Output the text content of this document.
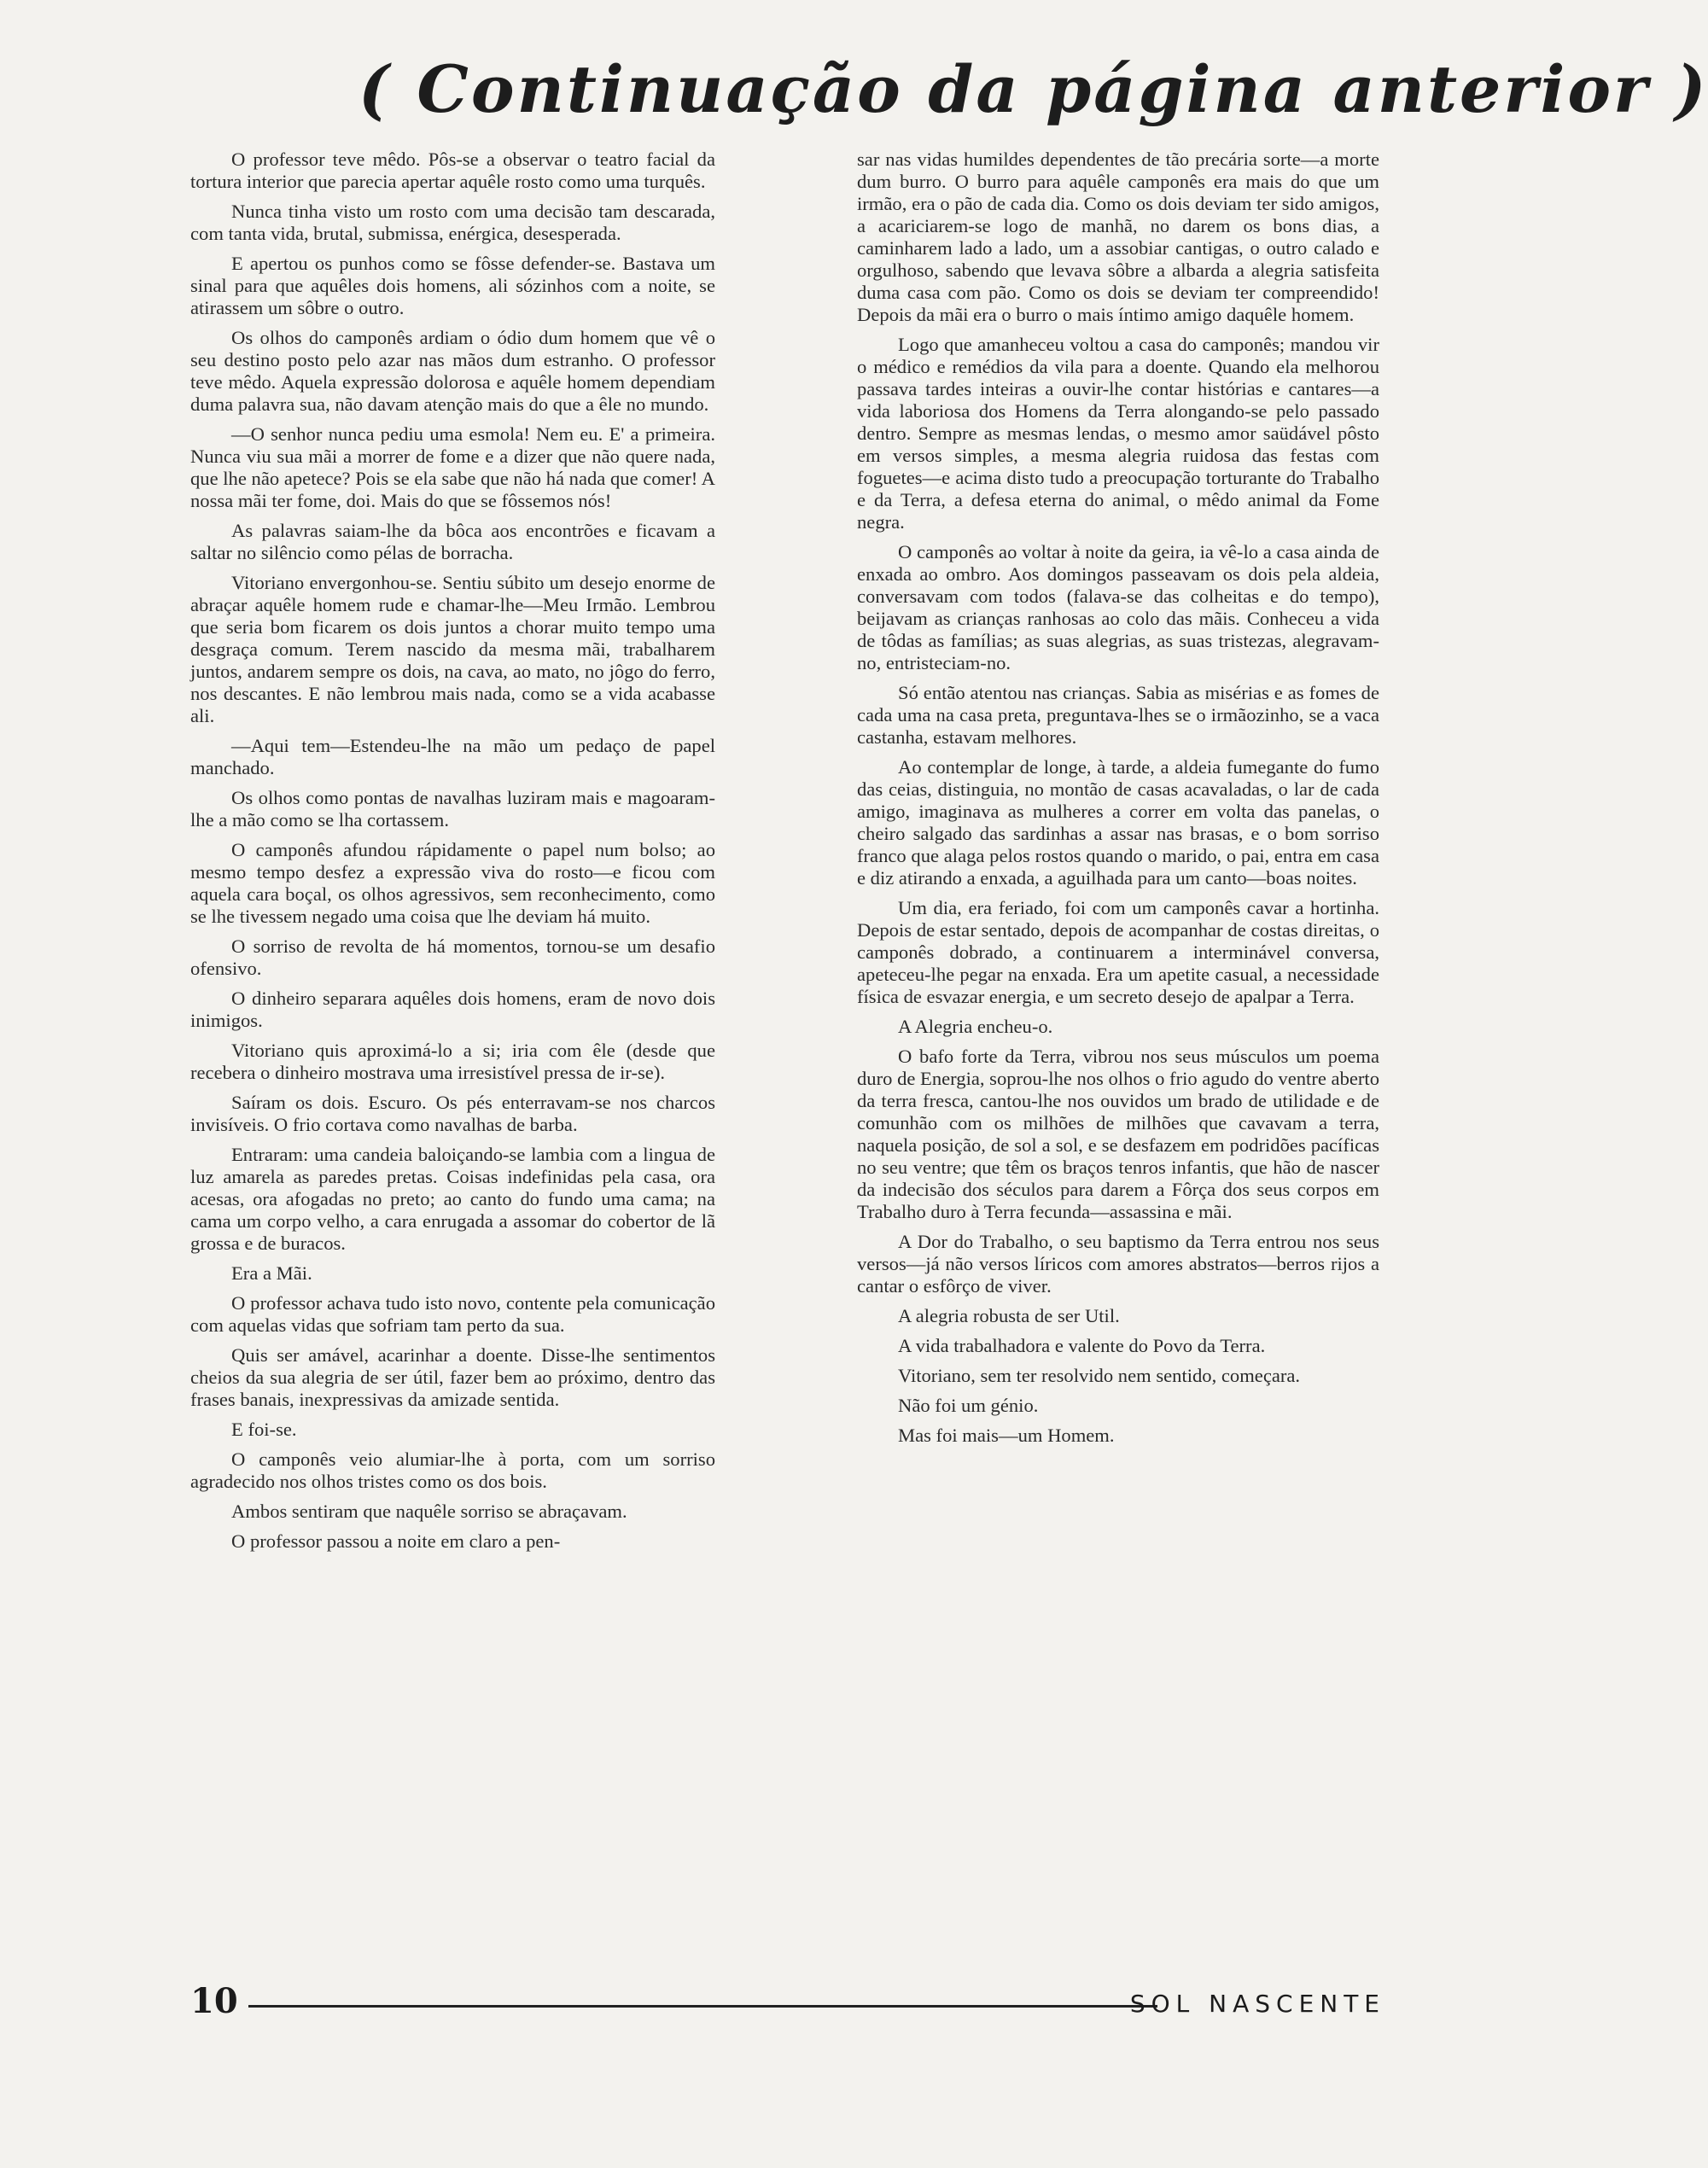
( Continuação da página anterior )

O professor teve mêdo. Pôs-se a observar o teatro facial da tortura interior que parecia apertar aquêle rosto como uma turquês.

Nunca tinha visto um rosto com uma decisão tam descarada, com tanta vida, brutal, submissa, enérgica, desesperada.

E apertou os punhos como se fôsse defender-se. Bastava um sinal para que aquêles dois homens, ali sózinhos com a noite, se atirassem um sôbre o outro.

Os olhos do camponês ardiam o ódio dum homem que vê o seu destino posto pelo azar nas mãos dum estranho. O professor teve mêdo. Aquela expressão dolorosa e aquêle homem dependiam duma palavra sua, não davam atenção mais do que a êle no mundo.

—O senhor nunca pediu uma esmola! Nem eu. E' a primeira. Nunca viu sua mãi a morrer de fome e a dizer que não quere nada, que lhe não apetece? Pois se ela sabe que não há nada que comer! A nossa mãi ter fome, doi. Mais do que se fôssemos nós!

As palavras saiam-lhe da bôca aos encontrões e ficavam a saltar no silêncio como pélas de borracha.

Vitoriano envergonhou-se. Sentiu súbito um desejo enorme de abraçar aquêle homem rude e chamar-lhe—Meu Irmão. Lembrou que seria bom ficarem os dois juntos a chorar muito tempo uma desgraça comum. Terem nascido da mesma mãi, trabalharem juntos, andarem sempre os dois, na cava, ao mato, no jôgo do ferro, nos descantes. E não lembrou mais nada, como se a vida acabasse ali.

—Aqui tem—Estendeu-lhe na mão um pedaço de papel manchado.

Os olhos como pontas de navalhas luziram mais e magoaram-lhe a mão como se lha cortassem.

O camponês afundou rápidamente o papel num bolso; ao mesmo tempo desfez a expressão viva do rosto—e ficou com aquela cara boçal, os olhos agressivos, sem reconhecimento, como se lhe tivessem negado uma coisa que lhe deviam há muito.

O sorriso de revolta de há momentos, tornou-se um desafio ofensivo.

O dinheiro separara aquêles dois homens, eram de novo dois inimigos.

Vitoriano quis aproximá-lo a si; iria com êle (desde que recebera o dinheiro mostrava uma irresistível pressa de ir-se).

Saíram os dois. Escuro. Os pés enterravam-se nos charcos invisíveis. O frio cortava como navalhas de barba.

Entraram: uma candeia baloiçando-se lambia com a lingua de luz amarela as paredes pretas. Coisas indefinidas pela casa, ora acesas, ora afogadas no preto; ao canto do fundo uma cama; na cama um corpo velho, a cara enrugada a assomar do cobertor de lã grossa e de buracos.

Era a Mãi.

O professor achava tudo isto novo, contente pela comunicação com aquelas vidas que sofriam tam perto da sua.

Quis ser amável, acarinhar a doente. Disse-lhe sentimentos cheios da sua alegria de ser útil, fazer bem ao próximo, dentro das frases banais, inexpressivas da amizade sentida.

E foi-se.

O camponês veio alumiar-lhe à porta, com um sorriso agradecido nos olhos tristes como os dos bois.

Ambos sentiram que naquêle sorriso se abraçavam.

O professor passou a noite em claro a pen-

sar nas vidas humildes dependentes de tão precária sorte—a morte dum burro. O burro para aquêle camponês era mais do que um irmão, era o pão de cada dia. Como os dois deviam ter sido amigos, a acariciarem-se logo de manhã, no darem os bons dias, a caminharem lado a lado, um a assobiar cantigas, o outro calado e orgulhoso, sabendo que levava sôbre a albarda a alegria satisfeita duma casa com pão. Como os dois se deviam ter compreendido! Depois da mãi era o burro o mais íntimo amigo daquêle homem.

Logo que amanheceu voltou a casa do camponês; mandou vir o médico e remédios da vila para a doente. Quando ela melhorou passava tardes inteiras a ouvir-lhe contar histórias e cantares—a vida laboriosa dos Homens da Terra alongando-se pelo passado dentro. Sempre as mesmas lendas, o mesmo amor saüdável pôsto em versos simples, a mesma alegria ruidosa das festas com foguetes—e acima disto tudo a preocupação torturante do Trabalho e da Terra, a defesa eterna do animal, o mêdo animal da Fome negra.

O camponês ao voltar à noite da geira, ia vê-lo a casa ainda de enxada ao ombro. Aos domingos passeavam os dois pela aldeia, conversavam com todos (falava-se das colheitas e do tempo), beijavam as crianças ranhosas ao colo das mãis. Conheceu a vida de tôdas as famílias; as suas alegrias, as suas tristezas, alegravam-no, entristeciam-no.

Só então atentou nas crianças. Sabia as misérias e as fomes de cada uma na casa preta, preguntava-lhes se o irmãozinho, se a vaca castanha, estavam melhores.

Ao contemplar de longe, à tarde, a aldeia fumegante do fumo das ceias, distinguia, no montão de casas acavaladas, o lar de cada amigo, imaginava as mulheres a correr em volta das panelas, o cheiro salgado das sardinhas a assar nas brasas, e o bom sorriso franco que alaga pelos rostos quando o marido, o pai, entra em casa e diz atirando a enxada, a aguilhada para um canto—boas noites.

Um dia, era feriado, foi com um camponês cavar a hortinha. Depois de estar sentado, depois de acompanhar de costas direitas, o camponês dobrado, a continuarem a interminável conversa, apeteceu-lhe pegar na enxada. Era um apetite casual, a necessidade física de esvazar energia, e um secreto desejo de apalpar a Terra.

A Alegria encheu-o.

O bafo forte da Terra, vibrou nos seus músculos um poema duro de Energia, soprou-lhe nos olhos o frio agudo do ventre aberto da terra fresca, cantou-lhe nos ouvidos um brado de utilidade e de comunhão com os milhões de milhões que cavavam a terra, naquela posição, de sol a sol, e se desfazem em podridões pacíficas no seu ventre; que têm os braços tenros infantis, que hão de nascer da indecisão dos séculos para darem a Fôrça dos seus corpos em Trabalho duro à Terra fecunda—assassina e mãi.

A Dor do Trabalho, o seu baptismo da Terra entrou nos seus versos—já não versos líricos com amores abstratos—berros rijos a cantar o esfôrço de viver.

A alegria robusta de ser Util.

A vida trabalhadora e valente do Povo da Terra.

Vitoriano, sem ter resolvido nem sentido, começara.

Não foi um génio.

Mas foi mais—um Homem.

10	SOL NASCENTE
